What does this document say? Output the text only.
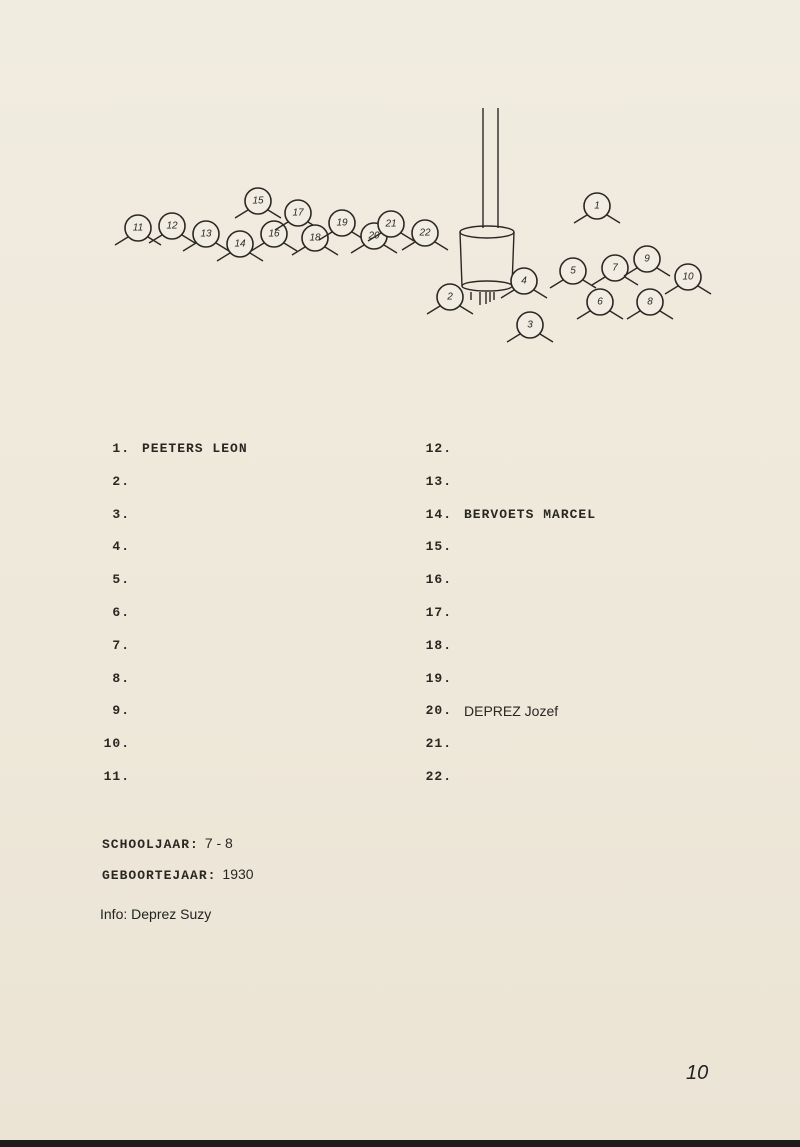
1
2
3
4
5
6
7
8
9
10
11 12
13
14
15
16
17
18
19
20
21
22
1. PEETERS LEON
2.
3.
4.
5.
6.
7.
8.
9.
10.
11.
12.
13.
14. BERVOETS MARCEL
15.
16.
17.
18.
19.
20. DEPREZ Jozef
21.
22.
SCHOOLJAAR: 7 - 8
GEBOORTEJAAR: 1930
Info: Deprez Suzy
10
